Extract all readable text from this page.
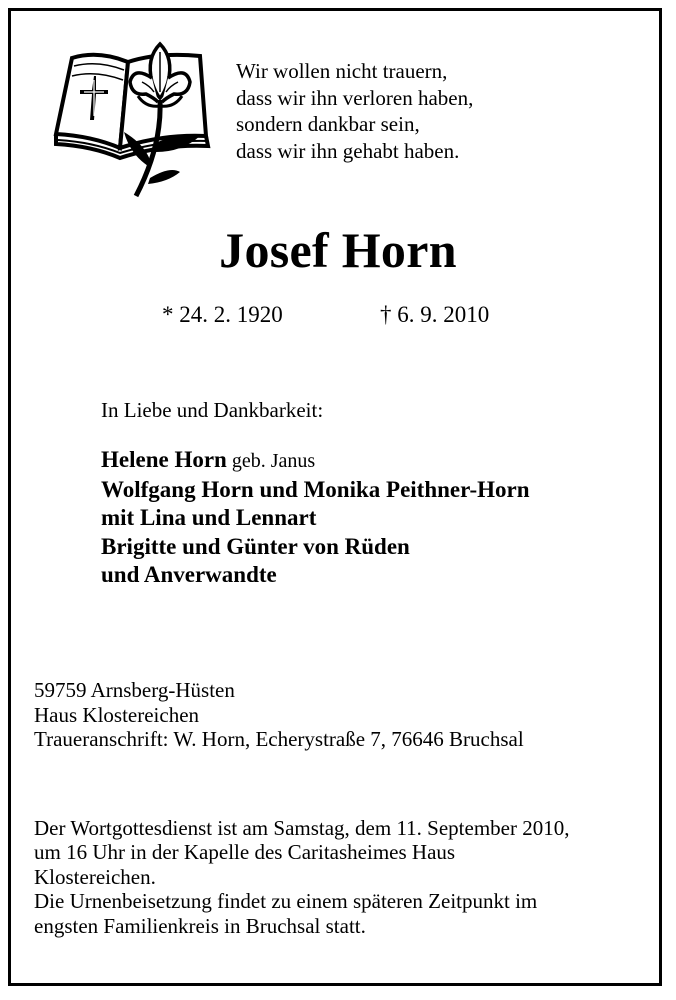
Wir wollen nicht trauern,
dass wir ihn verloren haben,
sondern dankbar sein,
dass wir ihn gehabt haben.
Josef Horn
* 24. 2. 1920	† 6. 9. 2010
In Liebe und Dankbarkeit:
Helene Horn geb. Janus
Wolfgang Horn und Monika Peithner-Horn
mit Lina und Lennart
Brigitte und Günter von Rüden
und Anverwandte
59759 Arnsberg-Hüsten
Haus Klostereichen
Traueranschrift: W. Horn, Echerystraße 7, 76646 Bruchsal
Der Wortgottesdienst ist am Samstag, dem 11. September 2010,
um 16 Uhr in der Kapelle des Caritasheimes Haus
Klostereichen.
Die Urnenbeisetzung findet zu einem späteren Zeitpunkt im
engsten Familienkreis in Bruchsal statt.
